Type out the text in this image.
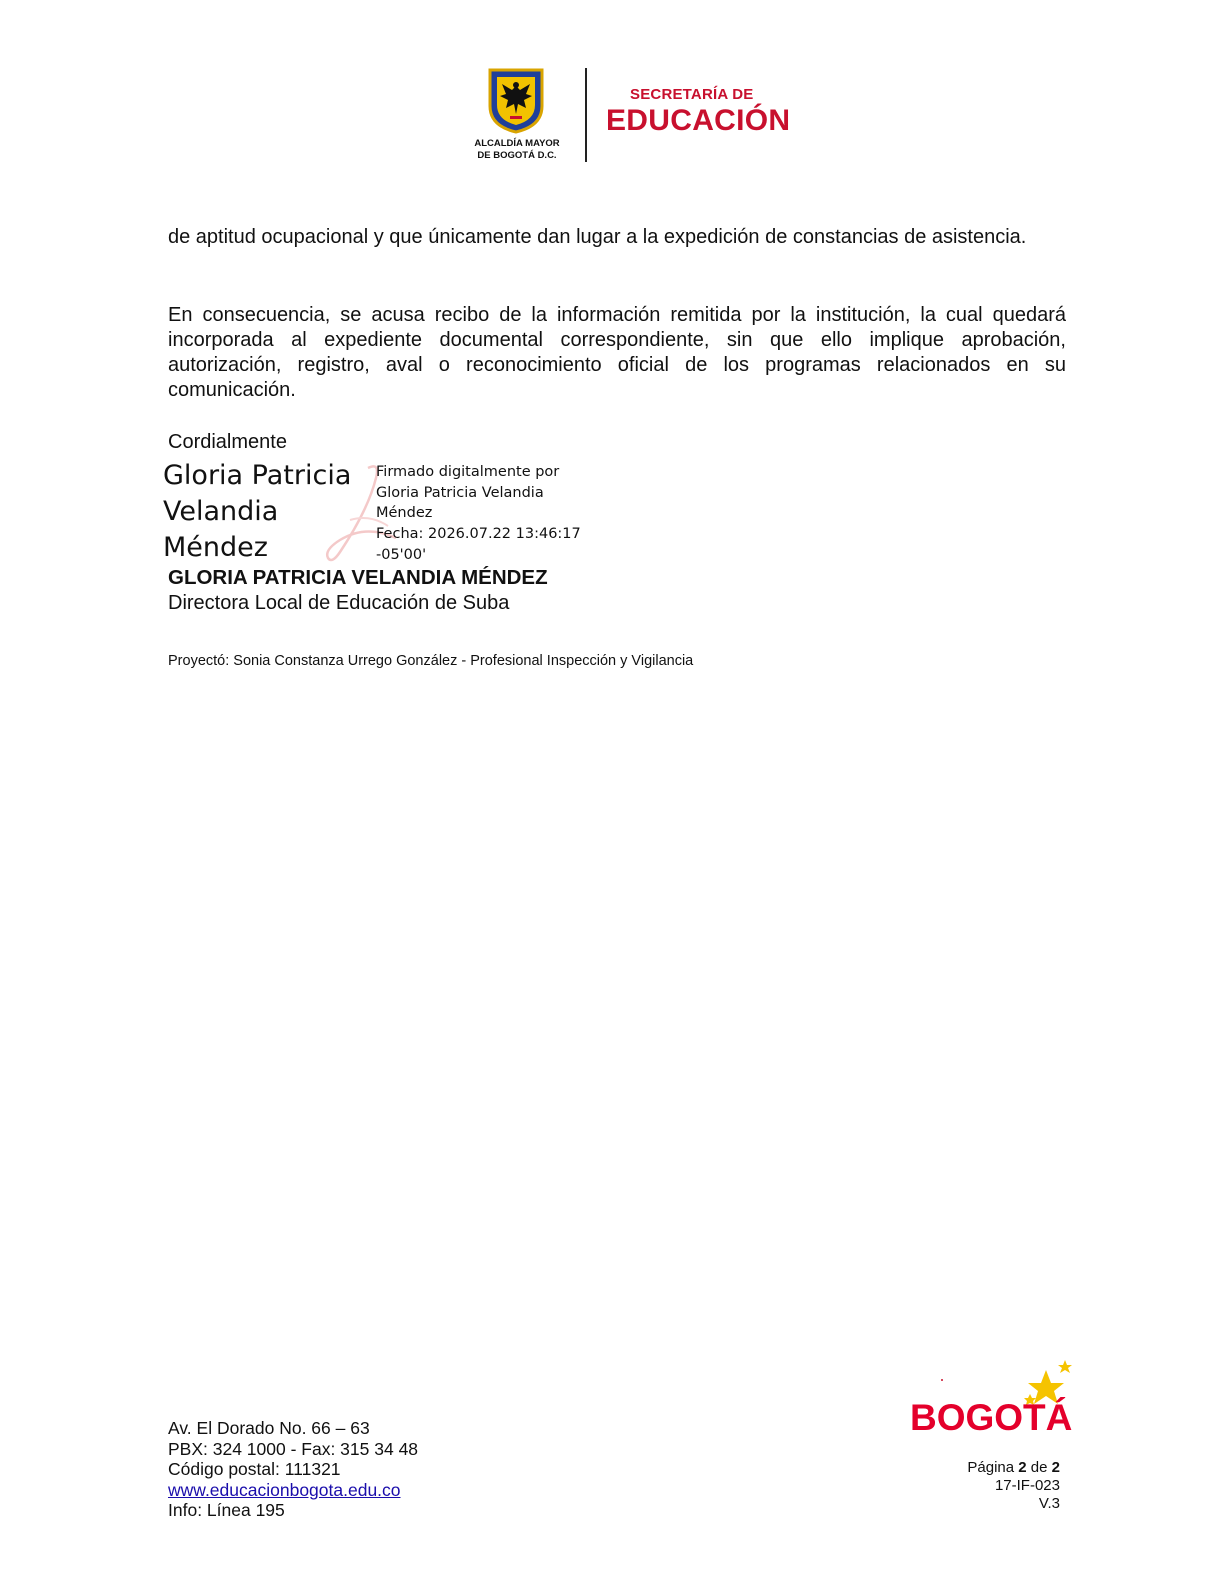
ALCALDÍA MAYOR
DE BOGOTÁ D.C.
SECRETARÍA DE
EDUCACIÓN
de aptitud ocupacional y que únicamente dan lugar a la expedición de constancias de asistencia.
En consecuencia, se acusa recibo de la información remitida por la institución, la cual quedará incorporada al expediente documental correspondiente, sin que ello implique aprobación, autorización, registro, aval o reconocimiento oficial de los programas relacionados en su comunicación.
Cordialmente
Gloria Patricia
Velandia
Méndez
Firmado digitalmente por
Gloria Patricia Velandia
Méndez
Fecha: 2026.07.22 13:46:17
-05'00'
GLORIA PATRICIA VELANDIA MÉNDEZ
Directora Local de Educación de Suba
Proyectó: Sonia Constanza Urrego González - Profesional Inspección y Vigilancia
Av. El Dorado No. 66 – 63
PBX: 324 1000 - Fax: 315 34 48
Código postal: 111321
www.educacionbogota.edu.co
Info: Línea 195
BOGOTÁ
Página 2 de 2
17-IF-023
V.3
